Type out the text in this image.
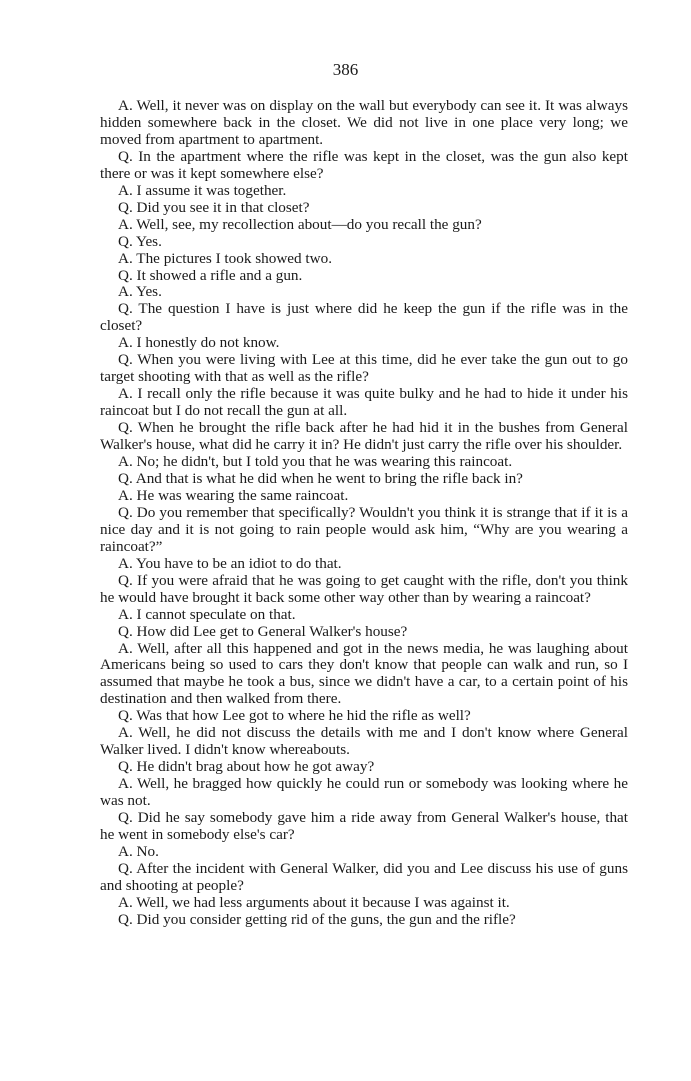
386

A. Well, it never was on display on the wall but everybody can see it. It was always hidden somewhere back in the closet. We did not live in one place very long; we moved from apartment to apartment.

Q. In the apartment where the rifle was kept in the closet, was the gun also kept there or was it kept somewhere else?

A. I assume it was together.

Q. Did you see it in that closet?

A. Well, see, my recollection about—do you recall the gun?

Q. Yes.

A. The pictures I took showed two.

Q. It showed a rifle and a gun.

A. Yes.

Q. The question I have is just where did he keep the gun if the rifle was in the closet?

A. I honestly do not know.

Q. When you were living with Lee at this time, did he ever take the gun out to go target shooting with that as well as the rifle?

A. I recall only the rifle because it was quite bulky and he had to hide it under his raincoat but I do not recall the gun at all.

Q. When he brought the rifle back after he had hid it in the bushes from General Walker's house, what did he carry it in? He didn't just carry the rifle over his shoulder.

A. No; he didn't, but I told you that he was wearing this raincoat.

Q. And that is what he did when he went to bring the rifle back in?

A. He was wearing the same raincoat.

Q. Do you remember that specifically? Wouldn't you think it is strange that if it is a nice day and it is not going to rain people would ask him, “Why are you wearing a raincoat?”

A. You have to be an idiot to do that.

Q. If you were afraid that he was going to get caught with the rifle, don't you think he would have brought it back some other way other than by wearing a raincoat?

A. I cannot speculate on that.

Q. How did Lee get to General Walker's house?

A. Well, after all this happened and got in the news media, he was laughing about Americans being so used to cars they don't know that people can walk and run, so I assumed that maybe he took a bus, since we didn't have a car, to a certain point of his destination and then walked from there.

Q. Was that how Lee got to where he hid the rifle as well?

A. Well, he did not discuss the details with me and I don't know where General Walker lived. I didn't know whereabouts.

Q. He didn't brag about how he got away?

A. Well, he bragged how quickly he could run or somebody was looking where he was not.

Q. Did he say somebody gave him a ride away from General Walker's house, that he went in somebody else's car?

A. No.

Q. After the incident with General Walker, did you and Lee discuss his use of guns and shooting at people?

A. Well, we had less arguments about it because I was against it.

Q. Did you consider getting rid of the guns, the gun and the rifle?
